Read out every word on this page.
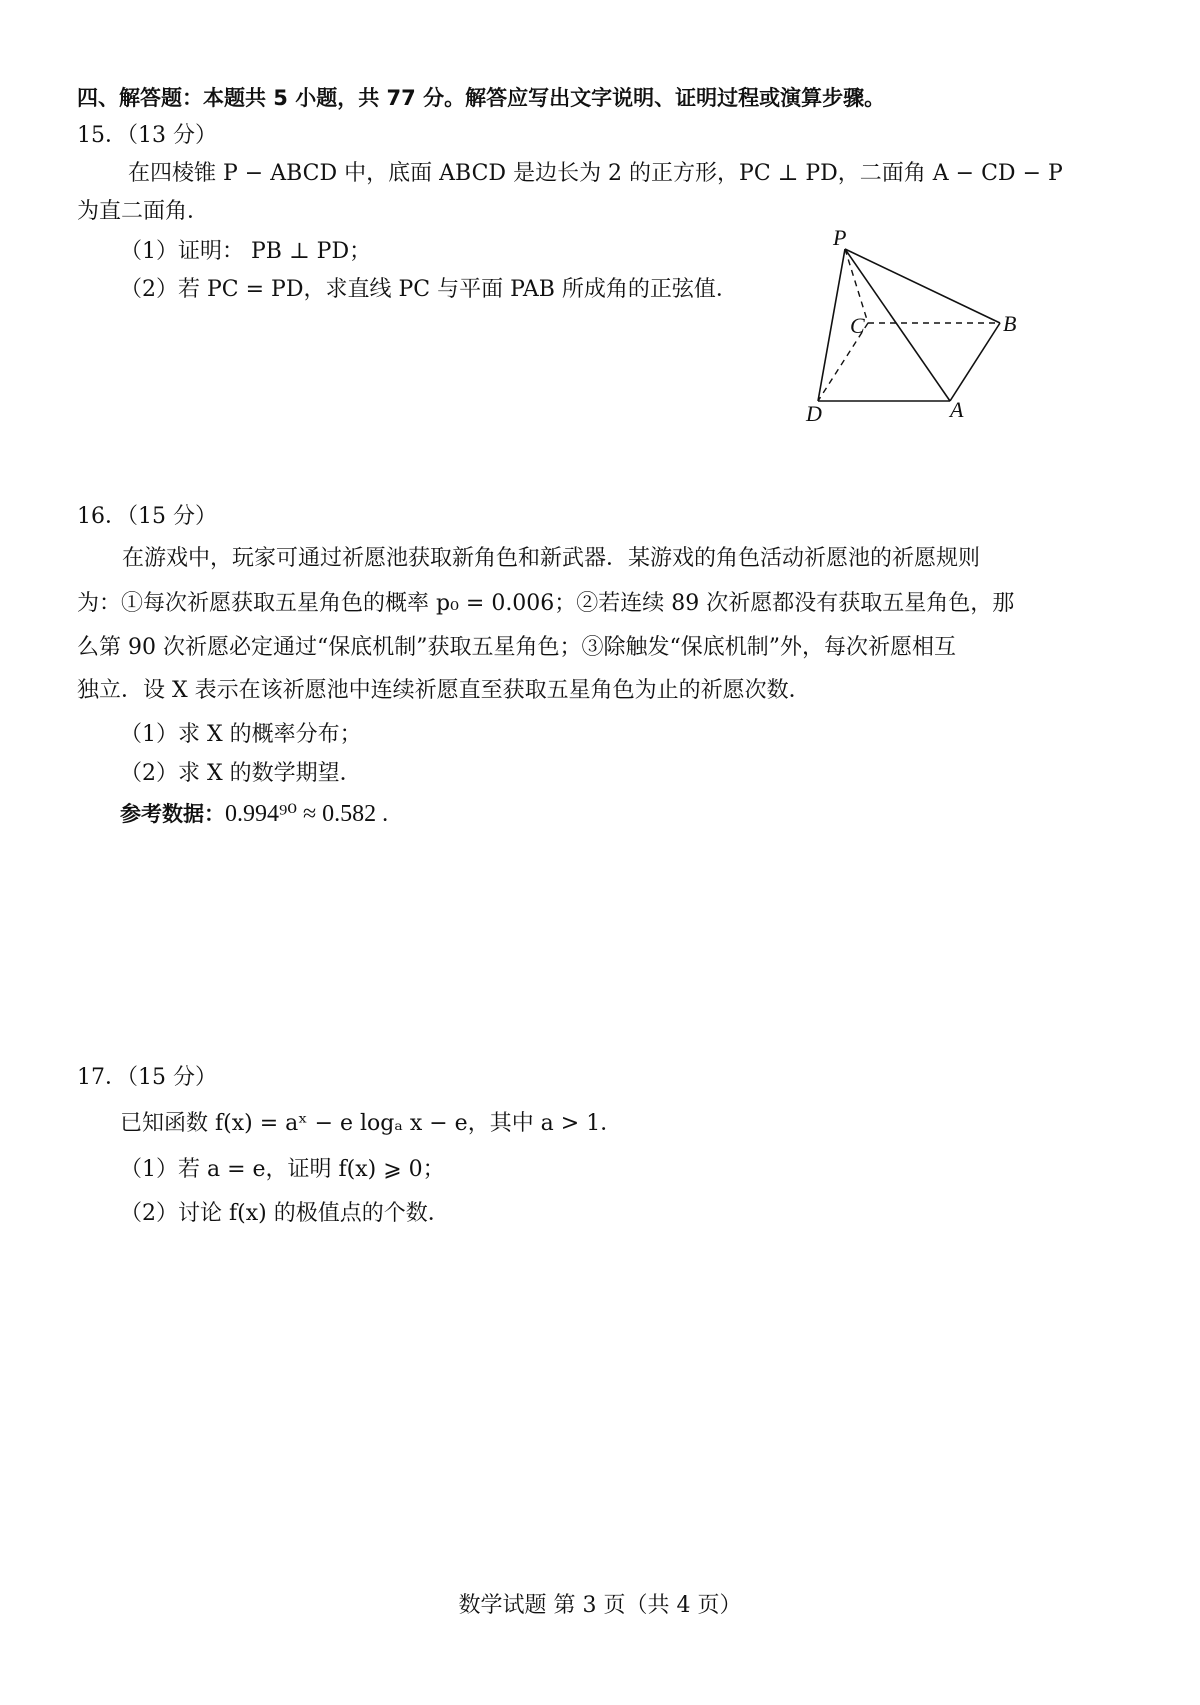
四、解答题：本题共 5 小题，共 77 分。解答应写出文字说明、证明过程或演算步骤。
15．（13 分）
在四棱锥 P − ABCD 中，底面 ABCD 是边长为 2 的正方形，PC ⊥ PD，二面角 A − CD − P
为直二面角．
（1）证明： PB ⊥ PD；
（2）若 PC = PD，求直线 PC 与平面 PAB 所成角的正弦值．
P
C	B
D	A
16．（15 分）
在游戏中，玩家可通过祈愿池获取新角色和新武器．某游戏的角色活动祈愿池的祈愿规则
为：①每次祈愿获取五星角色的概率 p₀ = 0.006；②若连续 89 次祈愿都没有获取五星角色，那
么第 90 次祈愿必定通过“保底机制”获取五星角色；③除触发“保底机制”外，每次祈愿相互
独立．设 X 表示在该祈愿池中连续祈愿直至获取五星角色为止的祈愿次数．
（1）求 X 的概率分布；
（2）求 X 的数学期望．
参考数据：0.994⁹⁰ ≈ 0.582 .
17．（15 分）
已知函数 f(x) = aˣ − e logₐ x − e，其中 a > 1．
（1）若 a = e，证明 f(x) ⩾ 0；
（2）讨论 f(x) 的极值点的个数．
数学试题 第 3 页（共 4 页）
